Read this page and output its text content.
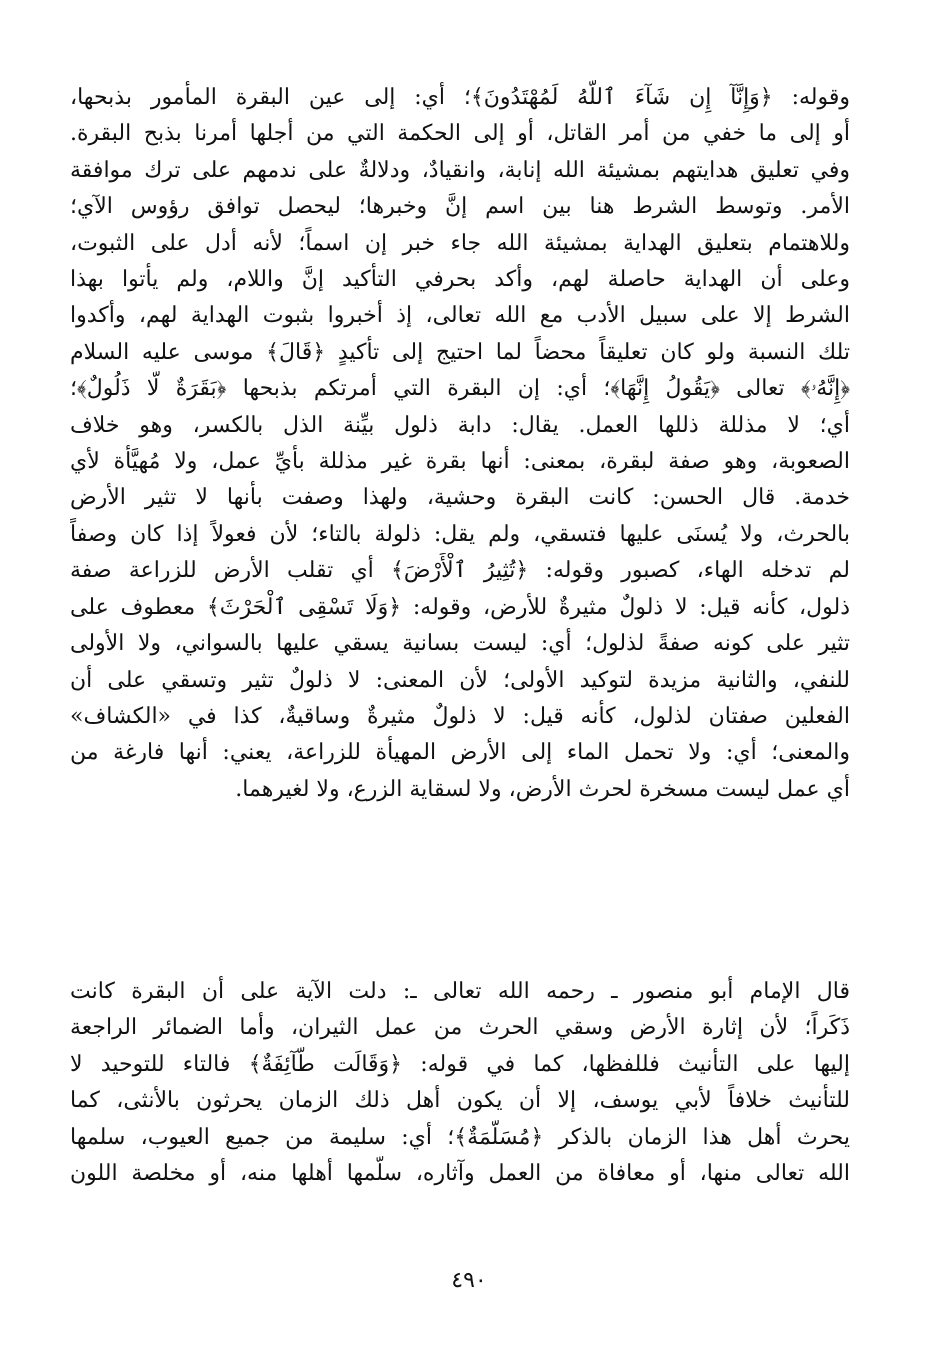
وقوله: ﴿وَإِنَّآ إِن شَآءَ ٱللَّهُ لَمُهْتَدُونَ﴾؛ أي: إلى عين البقرة المأمور بذبحها،
أو إلى ما خفي من أمر القاتل، أو إلى الحكمة التي من أجلها أمرنا بذبح البقرة.
وفي تعليق هدايتهم بمشيئة الله إنابة، وانقيادٌ، ودلالةٌ على ندمهم على ترك موافقة
الأمر. وتوسط الشرط هنا بين اسم إنَّ وخبرها؛ ليحصل توافق رؤوس الآي؛
وللاهتمام بتعليق الهداية بمشيئة الله جاء خبر إن اسماً؛ لأنه أدل على الثبوت،
وعلى أن الهداية حاصلة لهم، وأكد بحرفي التأكيد إنَّ واللام، ولم يأتوا بهذا
الشرط إلا على سبيل الأدب مع الله تعالى، إذ أخبروا بثبوت الهداية لهم، وأكدوا
تلك النسبة ولو كان تعليقاً محضاً لما احتيج إلى تأكيدٍ ﴿قَالَ﴾ موسى عليه السلام
﴿إِنَّهُۥ﴾ تعالى ﴿يَقُولُ إِنَّهَا﴾؛ أي: إن البقرة التي أمرتكم بذبحها ﴿بَقَرَةٌ لَّا ذَلُولٌ﴾؛
أي؛ لا مذللة ذللها العمل. يقال: دابة ذلول بيِّنة الذل بالكسر، وهو خلاف
الصعوبة، وهو صفة لبقرة، بمعنى: أنها بقرة غير مذللة بأيِّ عمل، ولا مُهيَّأة لأي
خدمة. قال الحسن: كانت البقرة وحشية، ولهذا وصفت بأنها لا تثير الأرض
بالحرث، ولا يُسنَى عليها فتسقي، ولم يقل: ذلولة بالتاء؛ لأن فعولاً إذا كان وصفاً
لم تدخله الهاء، كصبور وقوله: ﴿تُثِيرُ ٱلْأَرْضَ﴾ أي تقلب الأرض للزراعة صفة
ذلول، كأنه قيل: لا ذلولٌ مثيرةٌ للأرض، وقوله: ﴿وَلَا تَسْقِى ٱلْحَرْثَ﴾ معطوف على
تثير على كونه صفةً لذلول؛ أي: ليست بسانية يسقي عليها بالسواني، ولا الأولى
للنفي، والثانية مزيدة لتوكيد الأولى؛ لأن المعنى: لا ذلولٌ تثير وتسقي على أن
الفعلين صفتان لذلول، كأنه قيل: لا ذلولٌ مثيرةٌ وساقيةٌ، كذا في «الكشاف»
والمعنى؛ أي: ولا تحمل الماء إلى الأرض المهيأة للزراعة، يعني: أنها فارغة من
أي عمل ليست مسخرة لحرث الأرض، ولا لسقاية الزرع، ولا لغيرهما.
قال الإمام أبو منصور ـ رحمه الله تعالى ـ: دلت الآية على أن البقرة كانت
ذَكَراً؛ لأن إثارة الأرض وسقي الحرث من عمل الثيران، وأما الضمائر الراجعة
إليها على التأنيث فللفظها، كما في قوله: ﴿وَقَالَت طَّآئِفَةٌ﴾ فالتاء للتوحيد لا
للتأنيث خلافاً لأبي يوسف، إلا أن يكون أهل ذلك الزمان يحرثون بالأنثى، كما
يحرث أهل هذا الزمان بالذكر ﴿مُسَلَّمَةٌ﴾؛ أي: سليمة من جميع العيوب، سلمها
الله تعالى منها، أو معافاة من العمل وآثاره، سلَّمها أهلها منه، أو مخلصة اللون
٤٩٠
